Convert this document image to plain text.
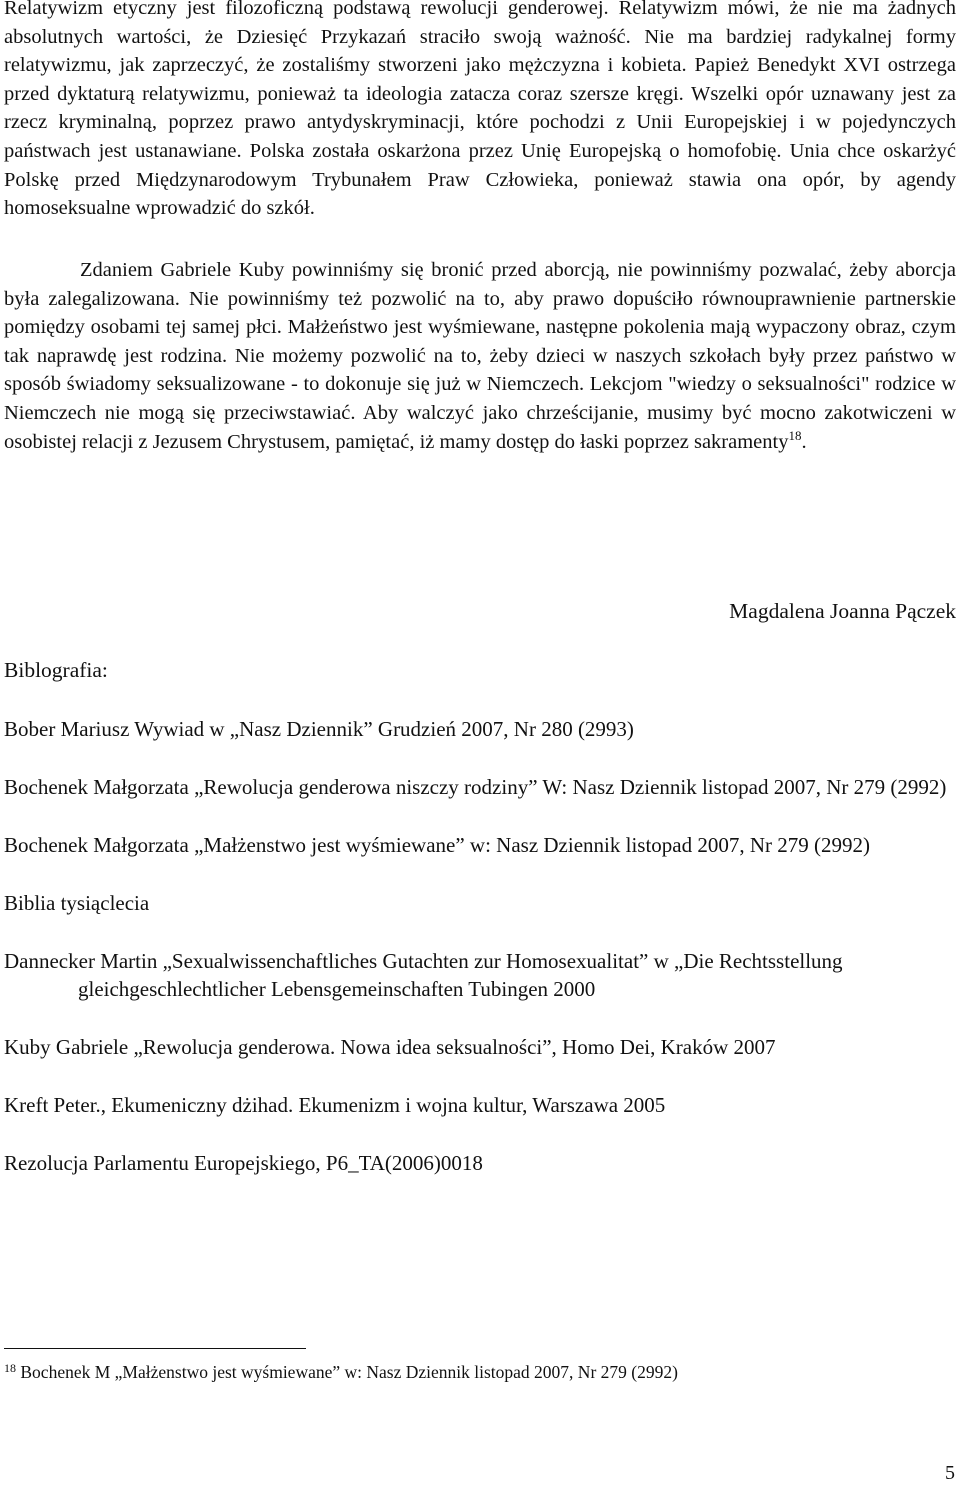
Relatywizm etyczny jest filozoficzną podstawą rewolucji genderowej. Relatywizm mówi, że nie ma żadnych absolutnych wartości, że Dziesięć Przykazań straciło swoją ważność. Nie ma bardziej radykalnej formy relatywizmu, jak zaprzeczyć, że zostaliśmy stworzeni jako mężczyzna i kobieta. Papież Benedykt XVI ostrzega przed dyktaturą relatywizmu, ponieważ ta ideologia zatacza coraz szersze kręgi. Wszelki opór uznawany jest za rzecz kryminalną, poprzez prawo antydyskryminacji, które pochodzi z Unii Europejskiej i w pojedynczych państwach jest ustanawiane. Polska została oskarżona przez Unię Europejską o homofobię. Unia chce oskarżyć Polskę przed Międzynarodowym Trybunałem Praw Człowieka, ponieważ stawia ona opór, by agendy homoseksualne wprowadzić do szkół.

Zdaniem Gabriele Kuby powinniśmy się bronić przed aborcją, nie powinniśmy pozwalać, żeby aborcja była zalegalizowana. Nie powinniśmy też pozwolić na to, aby prawo dopuściło równouprawnienie partnerskie pomiędzy osobami tej samej płci. Małżeństwo jest wyśmiewane, następne pokolenia mają wypaczony obraz, czym tak naprawdę jest rodzina. Nie możemy pozwolić na to, żeby dzieci w naszych szkołach były przez państwo w sposób świadomy seksualizowane - to dokonuje się już w Niemczech. Lekcjom "wiedzy o seksualności" rodzice w Niemczech nie mogą się przeciwstawiać. Aby walczyć jako chrześcijanie, musimy być mocno zakotwiczeni w osobistej relacji z Jezusem Chrystusem, pamiętać, iż mamy dostęp do łaski poprzez sakramenty$^{18}$.

Magdalena Joanna Pączek

Biblografia:

Bober Mariusz Wywiad w „Nasz Dziennik” Grudzień 2007, Nr 280 (2993)
Bochenek Małgorzata „Rewolucja genderowa niszczy rodziny” W: Nasz Dziennik listopad 2007, Nr 279 (2992)
Bochenek Małgorzata „Małżenstwo jest wyśmiewane” w: Nasz Dziennik listopad 2007, Nr 279 (2992)
Biblia tysiąclecia
Dannecker Martin „Sexualwissenchaftliches Gutachten zur Homosexualitat” w „Die Rechtsstellung gleichgeschlechtlicher Lebensgemeinschaften Tubingen 2000
Kuby Gabriele „Rewolucja genderowa. Nowa idea seksualności”, Homo Dei, Kraków 2007
Kreft Peter., Ekumeniczny dżihad. Ekumenizm i wojna kultur, Warszawa 2005
Rezolucja Parlamentu Europejskiego, P6_TA(2006)0018

$^{18}$ Bochenek M „Małżenstwo jest wyśmiewane” w: Nasz Dziennik listopad 2007, Nr 279 (2992)

5
